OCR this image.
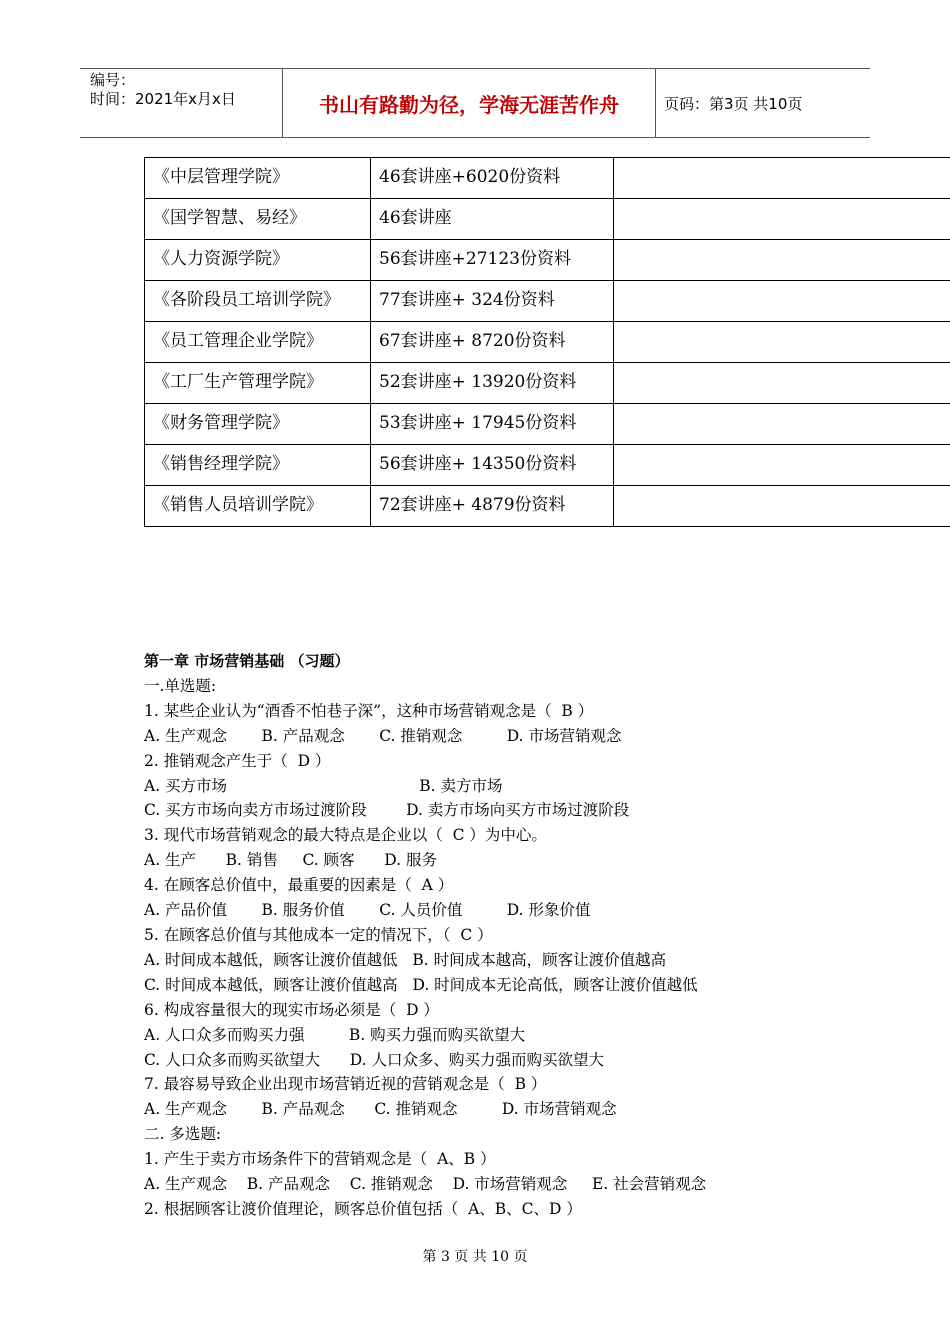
编号：
时间：2021年x月x日	书山有路勤为径，学海无涯苦作舟	页码：第3页 共10页
《中层管理学院》	46套讲座+6020份资料	
《国学智慧、易经》	46套讲座	
《人力资源学院》	56套讲座+27123份资料	
《各阶段员工培训学院》	77套讲座+ 324份资料	
《员工管理企业学院》	67套讲座+ 8720份资料	
《工厂生产管理学院》	52套讲座+ 13920份资料	
《财务管理学院》	53套讲座+ 17945份资料	
《销售经理学院》	56套讲座+ 14350份资料	
《销售人员培训学院》	72套讲座+ 4879份资料	
第一章 市场营销基础 （习题）
一.单选题:
1. 某些企业认为“酒香不怕巷子深”，这种市场营销观念是（  B ）
A. 生产观念       B. 产品观念       C. 推销观念         D. 市场营销观念
2. 推销观念产生于（  D ）
A. 买方市场                                       B. 卖方市场
C. 买方市场向卖方市场过渡阶段        D. 卖方市场向买方市场过渡阶段
3. 现代市场营销观念的最大特点是企业以（  C ）为中心。
A. 生产      B. 销售     C. 顾客      D. 服务
4. 在顾客总价值中，最重要的因素是（  A ）
A. 产品价值       B. 服务价值       C. 人员价值         D. 形象价值
5. 在顾客总价值与其他成本一定的情况下，（  C ）
A. 时间成本越低，顾客让渡价值越低   B. 时间成本越高，顾客让渡价值越高
C. 时间成本越低，顾客让渡价值越高   D. 时间成本无论高低，顾客让渡价值越低
6. 构成容量很大的现实市场必须是（  D ）
A. 人口众多而购买力强         B. 购买力强而购买欲望大
C. 人口众多而购买欲望大      D. 人口众多、购买力强而购买欲望大
7. 最容易导致企业出现市场营销近视的营销观念是（  B ）
A. 生产观念       B. 产品观念      C. 推销观念         D. 市场营销观念
二. 多选题:
1. 产生于卖方市场条件下的营销观念是（  A、B ）
A. 生产观念    B. 产品观念    C. 推销观念    D. 市场营销观念     E. 社会营销观念
2. 根据顾客让渡价值理论，顾客总价值包括（  A、B、C、D ）
第 3 页 共 10 页
